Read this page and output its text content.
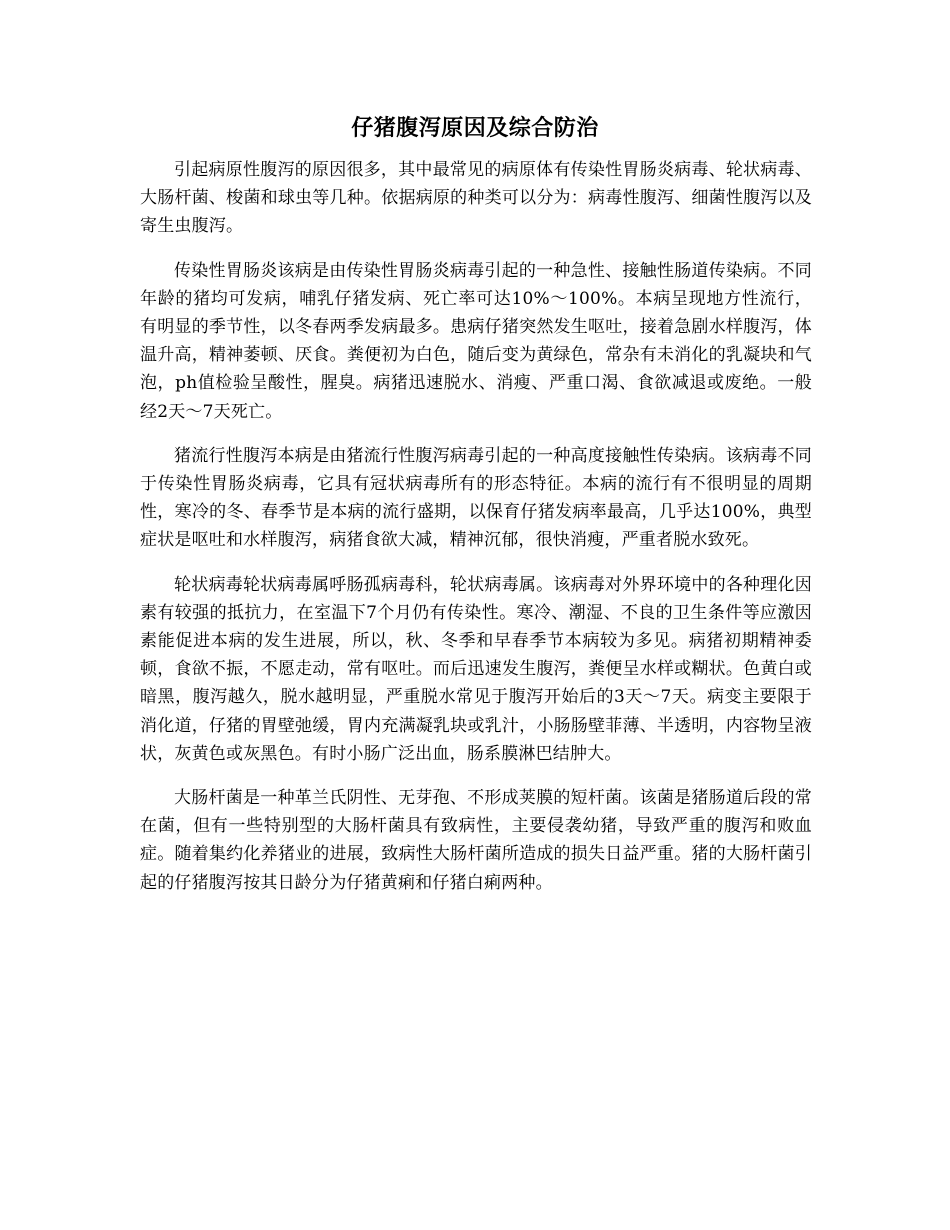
仔猪腹泻原因及综合防治

引起病原性腹泻的原因很多，其中最常见的病原体有传染性胃肠炎病毒、轮状病毒、大肠杆菌、梭菌和球虫等几种。依据病原的种类可以分为：病毒性腹泻、细菌性腹泻以及寄生虫腹泻。

传染性胃肠炎该病是由传染性胃肠炎病毒引起的一种急性、接触性肠道传染病。不同年龄的猪均可发病，哺乳仔猪发病、死亡率可达10%～100%。本病呈现地方性流行，有明显的季节性，以冬春两季发病最多。患病仔猪突然发生呕吐，接着急剧水样腹泻，体温升高，精神萎顿、厌食。粪便初为白色，随后变为黄绿色，常杂有未消化的乳凝块和气泡，ph值检验呈酸性，腥臭。病猪迅速脱水、消瘦、严重口渴、食欲减退或废绝。一般经2天～7天死亡。

猪流行性腹泻本病是由猪流行性腹泻病毒引起的一种高度接触性传染病。该病毒不同于传染性胃肠炎病毒，它具有冠状病毒所有的形态特征。本病的流行有不很明显的周期性，寒冷的冬、春季节是本病的流行盛期，以保育仔猪发病率最高，几乎达100%，典型症状是呕吐和水样腹泻，病猪食欲大减，精神沉郁，很快消瘦，严重者脱水致死。

轮状病毒轮状病毒属呼肠孤病毒科，轮状病毒属。该病毒对外界环境中的各种理化因素有较强的抵抗力，在室温下7个月仍有传染性。寒冷、潮湿、不良的卫生条件等应激因素能促进本病的发生进展，所以，秋、冬季和早春季节本病较为多见。病猪初期精神委顿，食欲不振，不愿走动，常有呕吐。而后迅速发生腹泻，粪便呈水样或糊状。色黄白或暗黑，腹泻越久，脱水越明显，严重脱水常见于腹泻开始后的3天～7天。病变主要限于消化道，仔猪的胃壁弛缓，胃内充满凝乳块或乳汁，小肠肠壁菲薄、半透明，内容物呈液状，灰黄色或灰黑色。有时小肠广泛出血，肠系膜淋巴结肿大。

大肠杆菌是一种革兰氏阴性、无芽孢、不形成荚膜的短杆菌。该菌是猪肠道后段的常在菌，但有一些特别型的大肠杆菌具有致病性，主要侵袭幼猪，导致严重的腹泻和败血症。随着集约化养猪业的进展，致病性大肠杆菌所造成的损失日益严重。猪的大肠杆菌引起的仔猪腹泻按其日龄分为仔猪黄痢和仔猪白痢两种。
